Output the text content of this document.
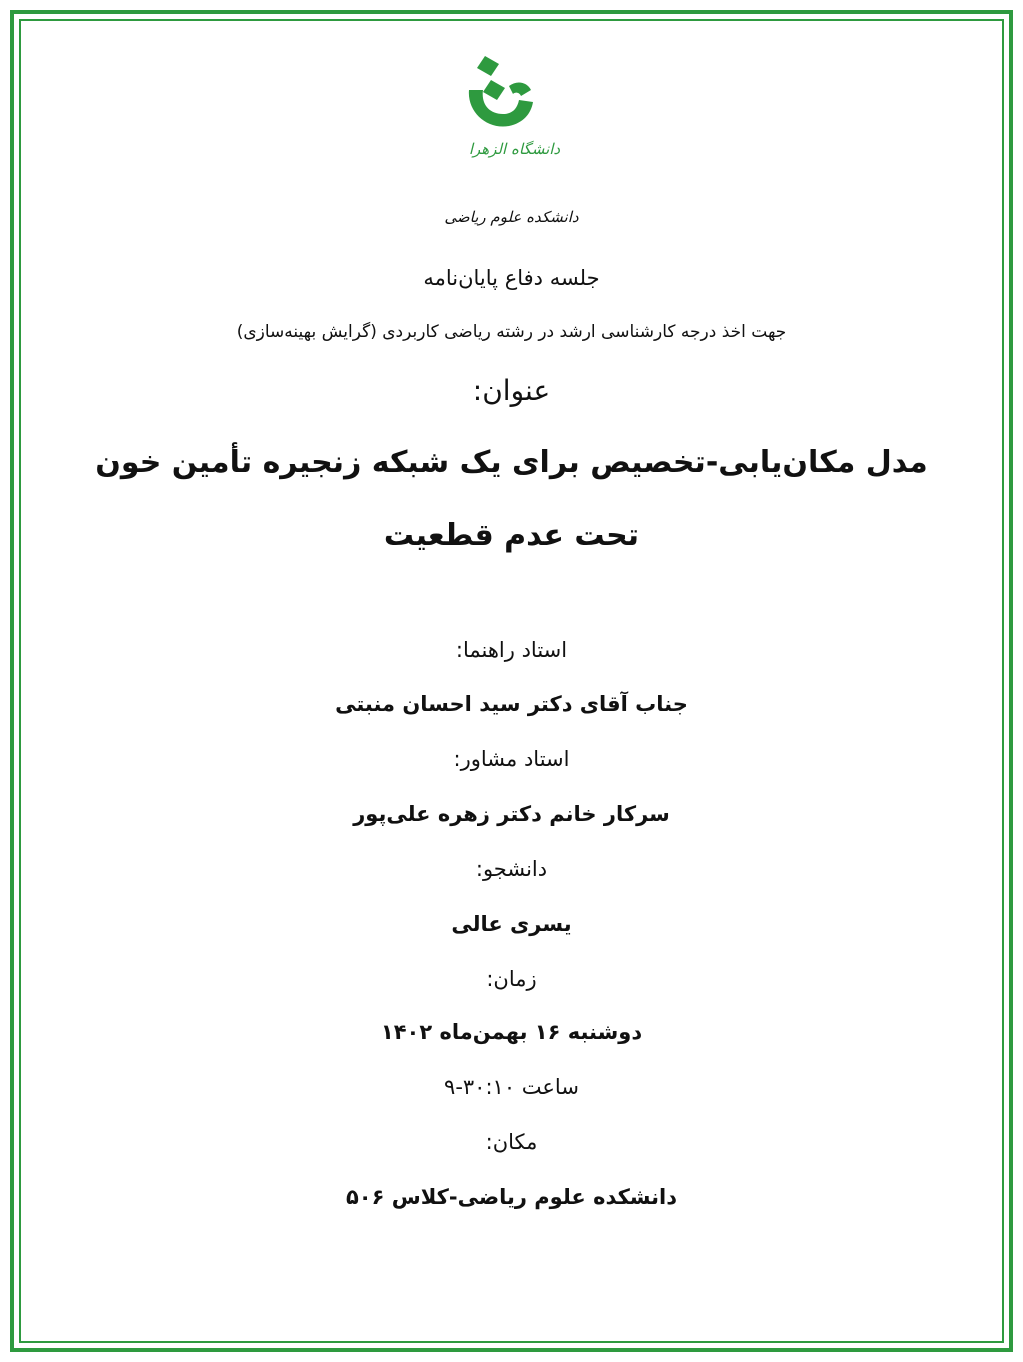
دانشگاه الزهرا
دانشکده علوم ریاضی
جلسه دفاع پایان‌نامه
جهت اخذ درجه کارشناسی ارشد در رشته ریاضی کاربردی (گرایش بهینه‌سازی)
عنوان:
مدل مکان‌یابی-تخصیص برای یک شبکه زنجیره تأمین خون
تحت عدم قطعیت
استاد راهنما:
جناب آقای دکتر سید احسان منبتی
استاد مشاور:
سرکار خانم دکتر زهره علی‌پور
دانشجو:
یسری عالی
زمان:
دوشنبه ۱۶ بهمن‌ماه ۱۴۰۲
ساعت ۳۰:۱۰-۹
مکان:
دانشکده علوم ریاضی-کلاس ۵۰۶
